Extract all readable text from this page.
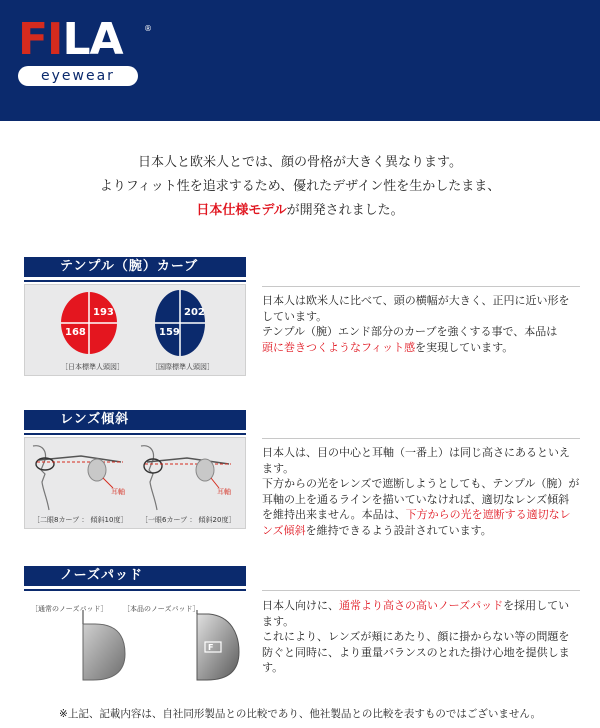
FILA	®
eyewear
日本人と欧米人とでは、顔の骨格が大きく異なります。
よりフィット性を追求するため、優れたデザイン性を生かしたまま、
日本仕様モデルが開発されました。
テンプル（腕）カーブ
193
168
202
159
［日本標準人頭図］	［国際標準人頭図］
日本人は欧米人に比べて、頭の横幅が大きく、正円に近い形をしています。
テンプル（腕）エンド部分のカーブを強くする事で、本品は
頭に巻きつくようなフィット感を実現しています。
レンズ傾斜
耳軸	耳軸
［二眼8カーブ ： 傾斜10度］ ［一眼6カーブ ： 傾斜20度］
日本人は、目の中心と耳軸（一番上）は同じ高さにあるといえます。
下方からの光をレンズで遮断しようとしても、テンプル（腕）が耳軸の上を通るラインを描いていなければ、適切なレンズ傾斜を維持出来ません。本品は、下方からの光を遮断する適切なレンズ傾斜を維持できるよう設計されています。
ノーズパッド
［通常のノーズパッド］ ［本品のノーズパッド］
F
日本人向けに、通常より高さの高いノーズパッドを採用しています。
これにより、レンズが頬にあたり、顔に掛からない等の問題を防ぐと同時に、より重量バランスのとれた掛け心地を提供します。
※上記、記載内容は、自社同形製品との比較であり、他社製品との比較を表すものではございません。
